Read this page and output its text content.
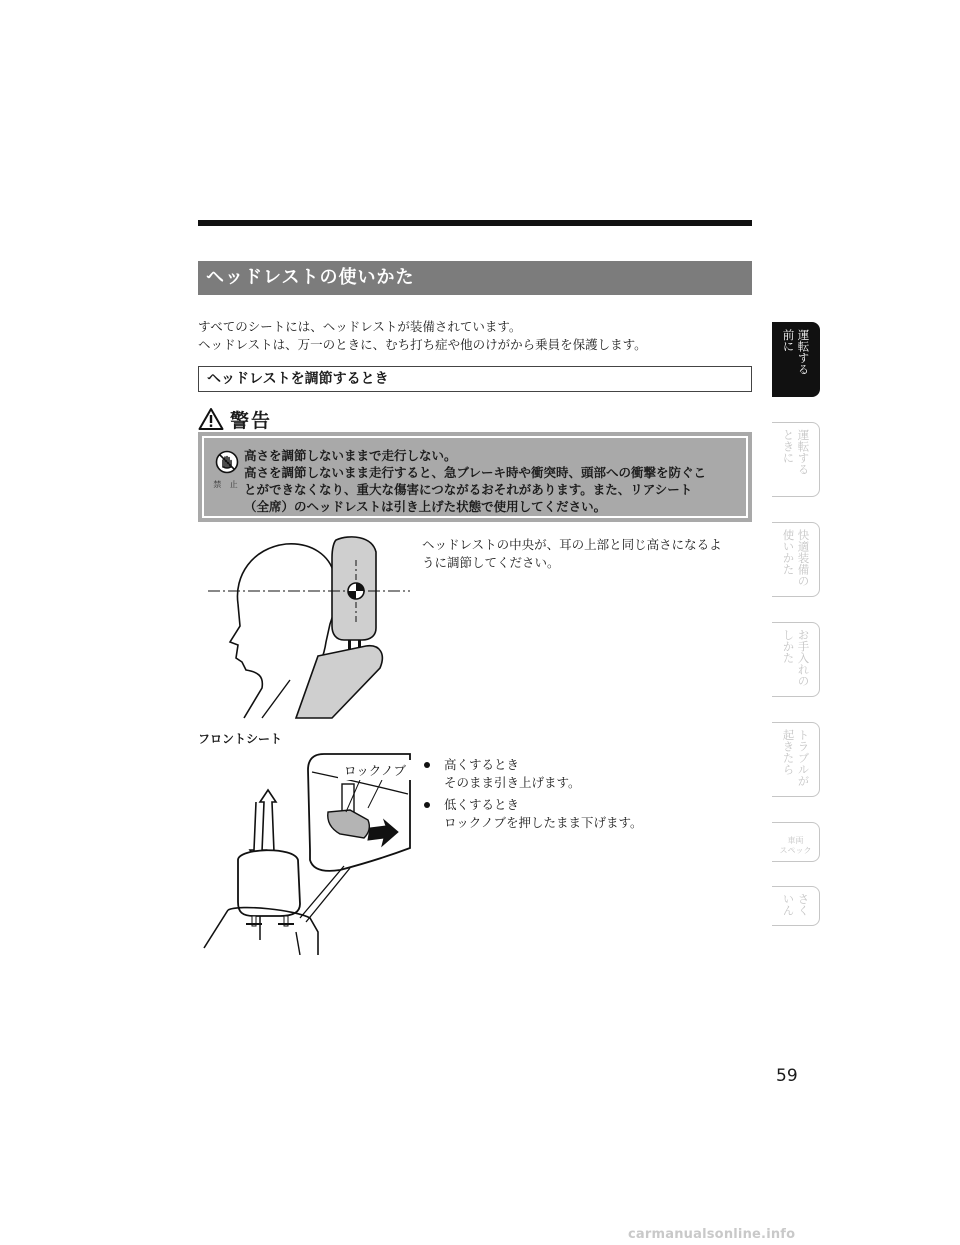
ヘッドレストの使いかた

すべてのシートには、ヘッドレストが装備されています。

ヘッドレストは、万一のときに、むち打ち症や他のけがから乗員を保護します。

ヘッドレストを調節するとき
警告
禁 止

高さを調節しないままで走行しない。

高さを調節しないまま走行すると、急ブレーキ時や衝突時、頭部への衝撃を防ぐこ

とができなくなり、重大な傷害につながるおそれがあります。また、リアシート

（全席）のヘッドレストは引き上げた状態で使用してください。

ヘッドレストの中央が、耳の上部と同じ高さになるよ
うに調節してください。
フロントシート
ロックノブ	高くするとき
そのまま引き上げます。
低くするとき
ロックノブを押したまま下げます。
運転する
前に
運転する
ときに
快適装備の
使いかた
お手入れの
しかた
トラブルが
起きたら
車両
スペック
さく
いん
59
carmanualsonline.info
